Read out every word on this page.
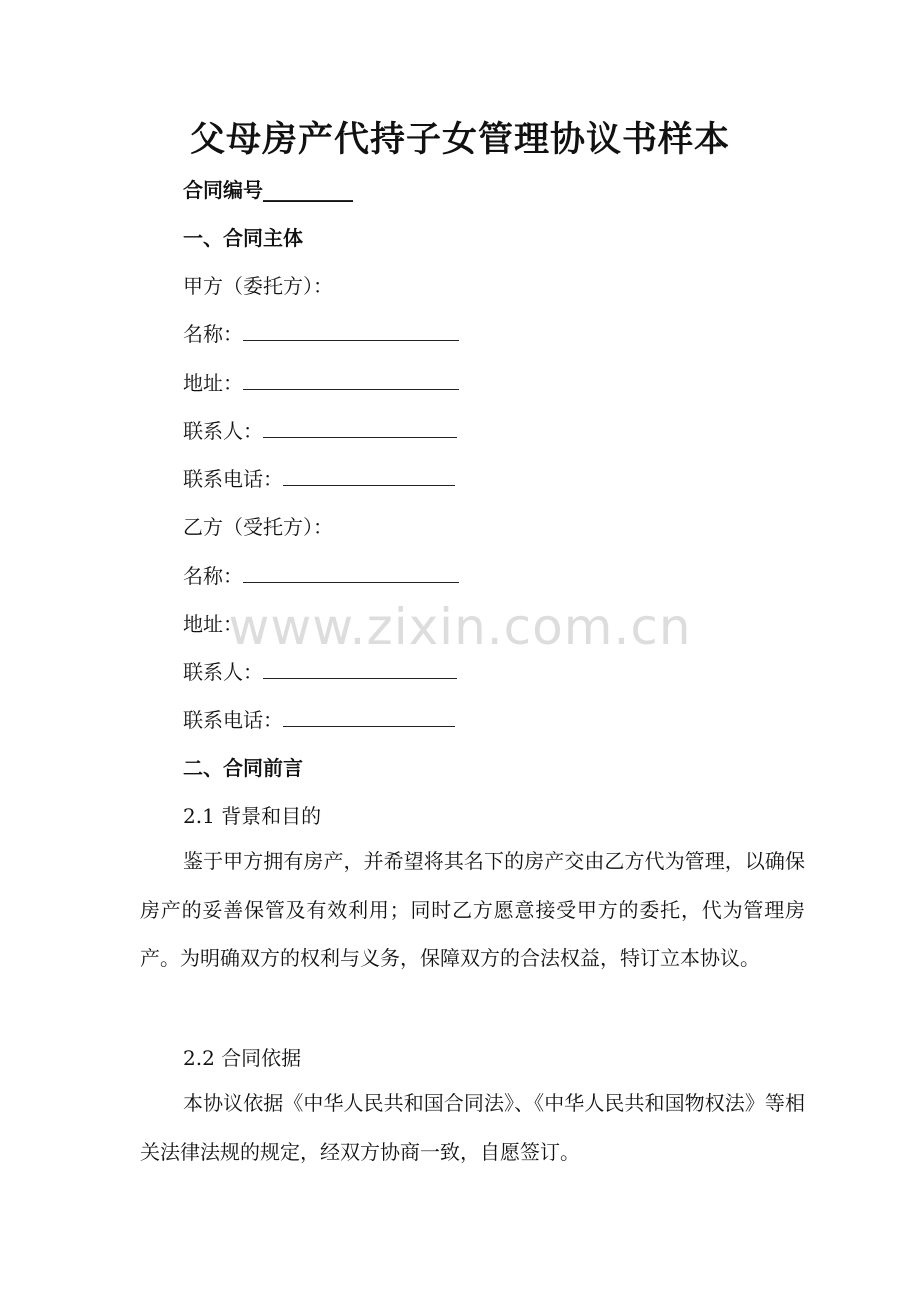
父母房产代持子女管理协议书样本
合同编号_________
一、合同主体
甲方（委托方）：
名称：
地址：
联系人：
联系电话：
乙方（受托方）：
名称：
地址：
联系人：
联系电话：
二、合同前言
2.1 背景和目的
鉴于甲方拥有房产，并希望将其名下的房产交由乙方代为管理，以确保房产的妥善保管及有效利用；同时乙方愿意接受甲方的委托，代为管理房产。为明确双方的权利与义务，保障双方的合法权益，特订立本协议。
2.2 合同依据
本协议依据《中华人民共和国合同法》、《中华人民共和国物权法》等相关法律法规的规定，经双方协商一致，自愿签订。
www.zixin.com.cn
